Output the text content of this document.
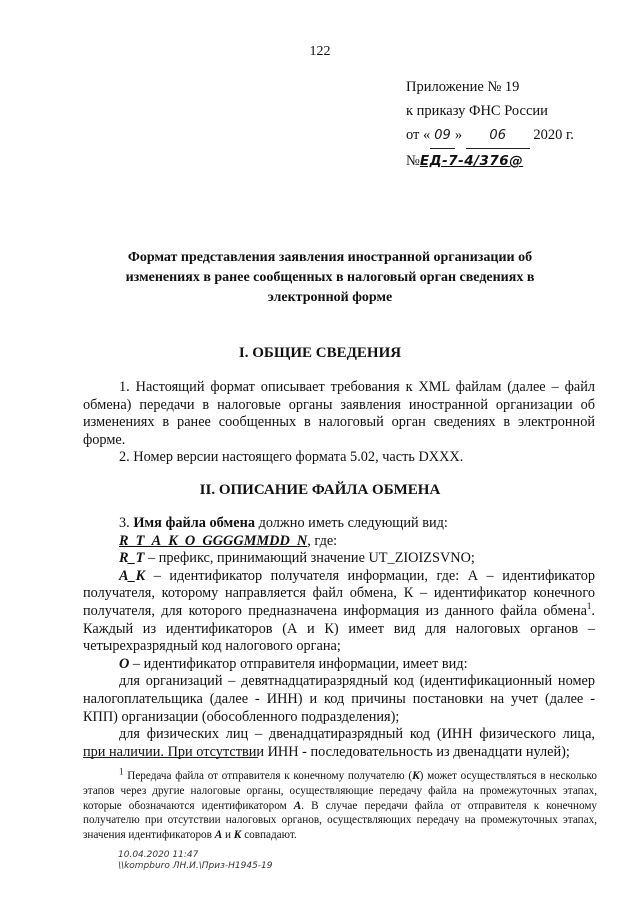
122
Приложение № 19
к приказу ФНС России
от « 09 » 06 2020 г.
№ЕД-7-4/376@
Формат представления заявления иностранной организации об изменениях в ранее сообщенных в налоговый орган сведениях в электронной форме
I. ОБЩИЕ СВЕДЕНИЯ

1. Настоящий формат описывает требования к XML файлам (далее – файл обмена) передачи в налоговые органы заявления иностранной организации об изменениях в ранее сообщенных в налоговый орган сведениях в электронной форме.

2. Номер версии настоящего формата 5.02, часть DXXX.

II. ОПИСАНИЕ ФАЙЛА ОБМЕНА

3. Имя файла обмена должно иметь следующий вид:

R_T_A_K_O_GGGGMMDD_N, где:

R_T – префикс, принимающий значение UT_ZIOIZSVNO;

A_K – идентификатор получателя информации, где: А – идентификатор получателя, которому направляется файл обмена, К – идентификатор конечного получателя, для которого предназначена информация из данного файла обмена$^1$. Каждый из идентификаторов (А и К) имеет вид для налоговых органов – четырехразрядный код налогового органа;

О – идентификатор отправителя информации, имеет вид:

для организаций – девятнадцатиразрядный код (идентификационный номер налогоплательщика (далее - ИНН) и код причины постановки на учет (далее - КПП) организации (обособленного подразделения);

для физических лиц – двенадцатиразрядный код (ИНН физического лица, при наличии. При отсутствии ИНН - последовательность из двенадцати нулей);

$^1$ Передача файла от отправителя к конечному получателю (К) может осуществляться в несколько этапов через другие налоговые органы, осуществляющие передачу файла на промежуточных этапах, которые обозначаются идентификатором А. В случае передачи файла от отправителя к конечному получателю при отсутствии налоговых органов, осуществляющих передачу на промежуточных этапах, значения идентификаторов А и К совпадают.

10.04.2020 11:47
\\kompburo ЛН.И.\Приз-Н1945-19
